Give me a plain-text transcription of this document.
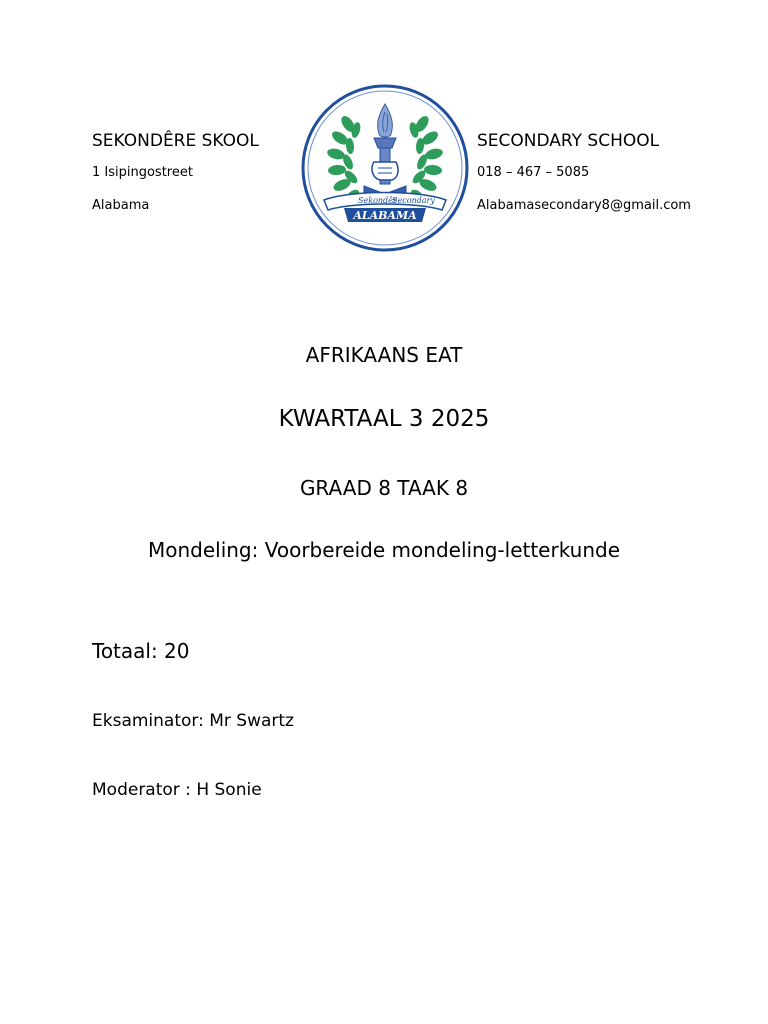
SEKONDÊRE SKOOL
1 Isipingostreet
Alabama
SECONDARY SCHOOL
018 – 467 – 5085
Alabamasecondary8@gmail.com
Sekondêr
Secondary
ALABAMA
AFRIKAANS EAT
KWARTAAL 3 2025
GRAAD 8 TAAK 8
Mondeling: Voorbereide mondeling-letterkunde
Totaal: 20
Eksaminator: Mr Swartz
Moderator : H Sonie
